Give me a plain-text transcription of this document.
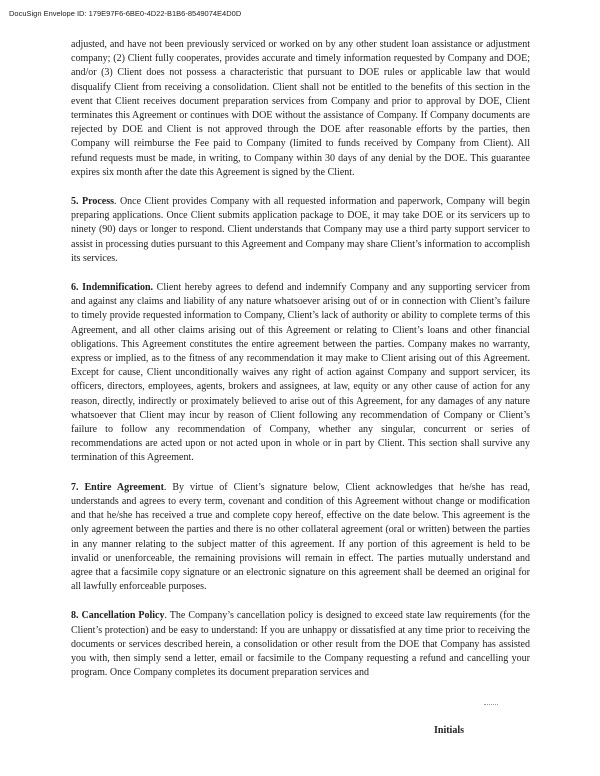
DocuSign Envelope ID: 179E97F6-6BE0-4D22-B1B6-8549074E4D0D

adjusted, and have not been previously serviced or worked on by any other student loan assistance or adjustment company; (2) Client fully cooperates, provides accurate and timely information requested by Company and DOE; and/or (3) Client does not possess a characteristic that pursuant to DOE rules or applicable law that would disqualify Client from receiving a consolidation. Client shall not be entitled to the benefits of this section in the event that Client receives document preparation services from Company and prior to approval by DOE, Client terminates this Agreement or continues with DOE without the assistance of Company. If Company documents are rejected by DOE and Client is not approved through the DOE after reasonable efforts by the parties, then Company will reimburse the Fee paid to Company (limited to funds received by Company from Client). All refund requests must be made, in writing, to Company within 30 days of any denial by the DOE. This guarantee expires six month after the date this Agreement is signed by the Client.

5. Process. Once Client provides Company with all requested information and paperwork, Company will begin preparing applications. Once Client submits application package to DOE, it may take DOE or its servicers up to ninety (90) days or longer to respond. Client understands that Company may use a third party support servicer to assist in processing duties pursuant to this Agreement and Company may share Client’s information to accomplish its services.

6. Indemnification. Client hereby agrees to defend and indemnify Company and any supporting servicer from and against any claims and liability of any nature whatsoever arising out of or in connection with Client’s failure to timely provide requested information to Company, Client’s lack of authority or ability to complete terms of this Agreement, and all other claims arising out of this Agreement or relating to Client’s loans and other financial obligations. This Agreement constitutes the entire agreement between the parties. Company makes no warranty, express or implied, as to the fitness of any recommendation it may make to Client arising out of this Agreement. Except for cause, Client unconditionally waives any right of action against Company and support servicer, its officers, directors, employees, agents, brokers and assignees, at law, equity or any other cause of action for any reason, directly, indirectly or proximately believed to arise out of this Agreement, for any damages of any nature whatsoever that Client may incur by reason of Client following any recommendation of Company or Client’s failure to follow any recommendation of Company, whether any singular, concurrent or series of recommendations are acted upon or not acted upon in whole or in part by Client. This section shall survive any termination of this Agreement.

7. Entire Agreement. By virtue of Client’s signature below, Client acknowledges that he/she has read, understands and agrees to every term, covenant and condition of this Agreement without change or modification and that he/she has received a true and complete copy hereof, effective on the date below. This agreement is the only agreement between the parties and there is no other collateral agreement (oral or written) between the parties in any manner relating to the subject matter of this agreement. If any portion of this agreement is held to be invalid or unenforceable, the remaining provisions will remain in effect. The parties mutually understand and agree that a facsimile copy signature or an electronic signature on this agreement shall be deemed an original for all lawfully enforceable purposes.

8. Cancellation Policy. The Company’s cancellation policy is designed to exceed state law requirements (for the Client’s protection) and be easy to understand: If you are unhappy or dissatisfied at any time prior to receiving the documents or services described herein, a consolidation or other result from the DOE that Company has assisted you with, then simply send a letter, email or facsimile to the Company requesting a refund and cancelling your program. Once Company completes its document preparation services and

Initials
